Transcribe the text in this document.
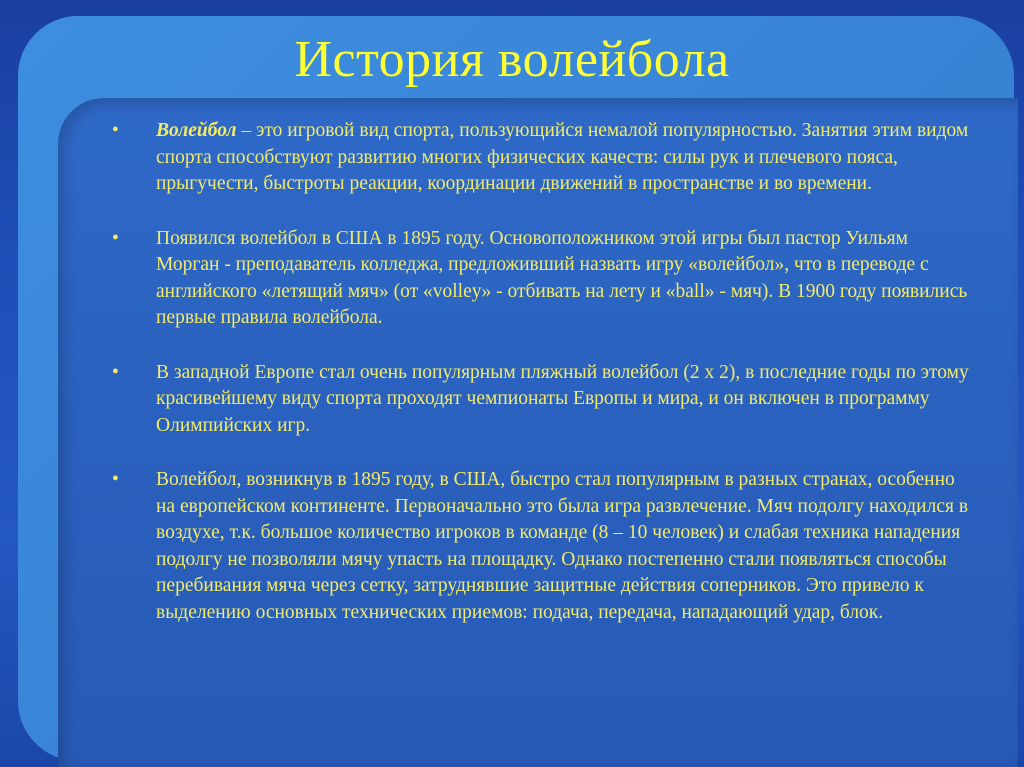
История волейбола
• Волейбол – это игровой вид спорта, пользующийся немалой популярностью. Занятия этим видом спорта способствуют развитию многих физических качеств: силы рук и плечевого пояса, прыгучести, быстроты реакции, координации движений в пространстве и во времени.
• Появился волейбол в США в 1895 году. Основоположником этой игры был пастор Уильям Морган - преподаватель колледжа, предложивший назвать игру «волейбол», что в переводе с английского «летящий мяч» (от «volley» - отбивать на лету и «ball» - мяч). В 1900 году появились первые правила волейбола.
• В западной Европе стал очень популярным пляжный волейбол (2 х 2), в последние годы по этому красивейшему виду спорта проходят чемпионаты Европы и мира, и он включен в программу Олимпийских игр.
• Волейбол, возникнув в 1895 году, в США, быстро стал популярным в разных странах, особенно на европейском континенте. Первоначально это была игра развлечение. Мяч подолгу находился в воздухе, т.к. большое количество игроков в команде (8 – 10 человек) и слабая техника нападения подолгу не позволяли мячу упасть на площадку. Однако постепенно стали появляться способы перебивания мяча через сетку, затруднявшие защитные действия соперников. Это привело к выделению основных технических приемов: подача, передача, нападающий удар, блок.
